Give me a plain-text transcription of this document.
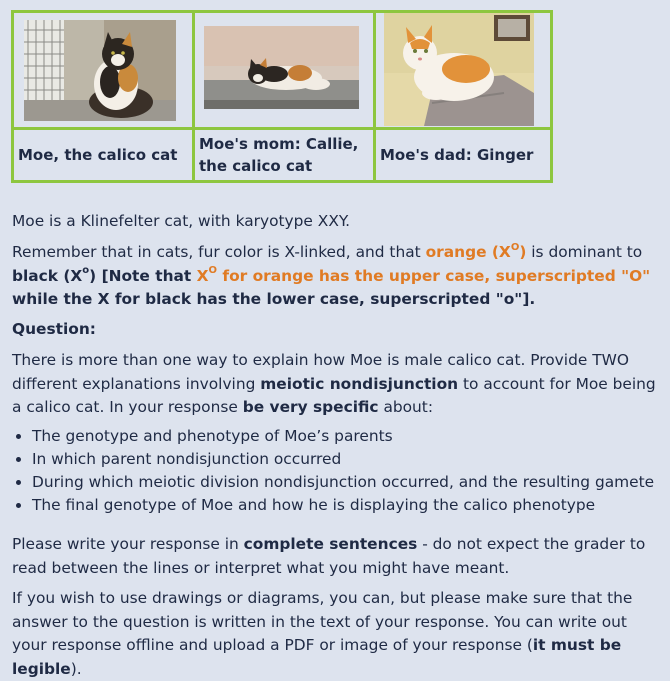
Moe, the calico cat	Moe's mom: Callie, the calico cat	Moe's dad: Ginger

Moe is a Klinefelter cat, with karyotype XXY.

Remember that in cats, fur color is X-linked, and that orange $(X^O)$ is dominant to
black $(X^o)$ [Note that $X^O$ for orange has the upper case, superscripted "O"
while the X for black has the lower case, superscripted "o"].

Question:

There is more than one way to explain how Moe is male calico cat. Provide TWO different explanations involving meiotic nondisjunction to account for Moe being a calico cat. In your response be very specific about:

• The genotype and phenotype of Moe’s parents
• In which parent nondisjunction occurred
• During which meiotic division nondisjunction occurred, and the resulting gamete
• The final genotype of Moe and how he is displaying the calico phenotype

Please write your response in complete sentences - do not expect the grader to read between the lines or interpret what you might have meant.

If you wish to use drawings or diagrams, you can, but please make sure that the answer to the question is written in the text of your response. You can write out your response offline and upload a PDF or image of your response (it must be legible).
